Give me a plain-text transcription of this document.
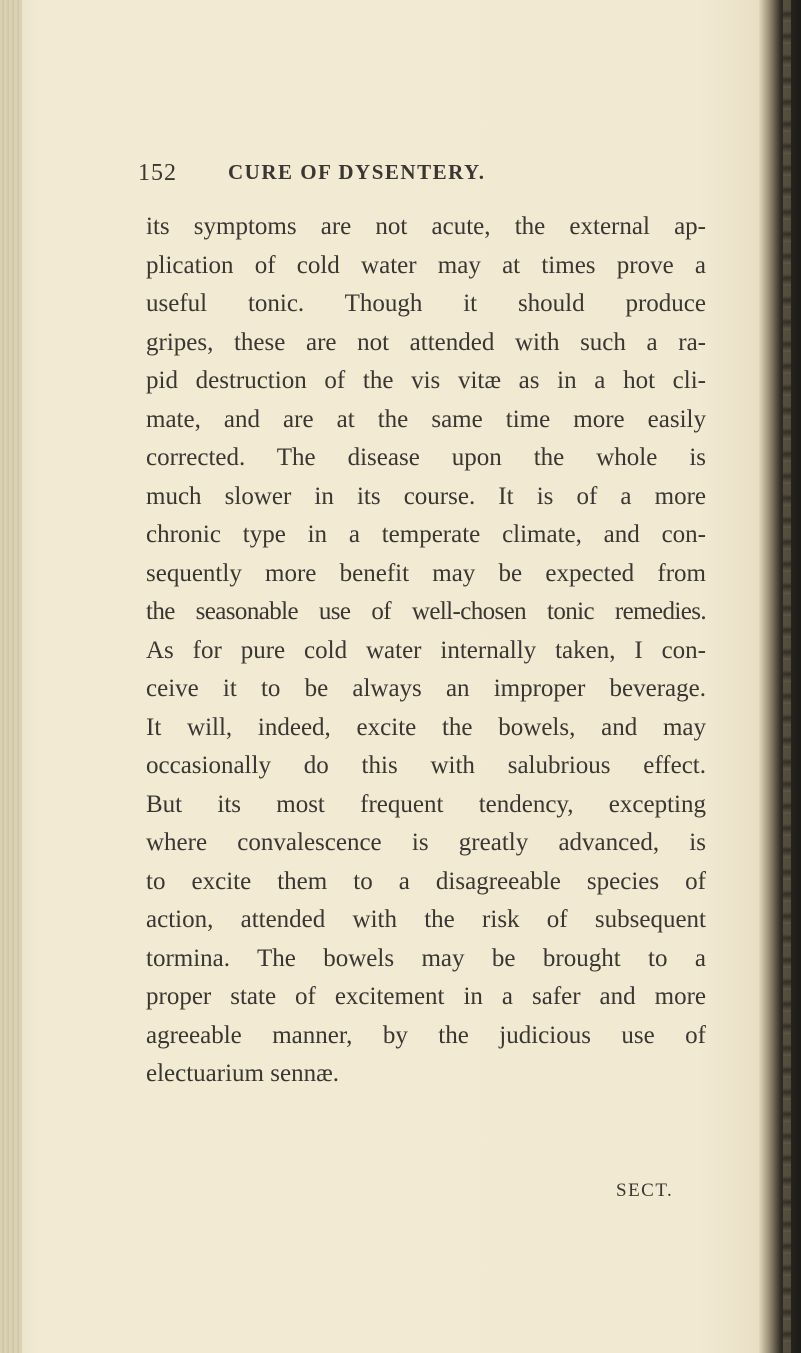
152 CURE OF DYSENTERY.
its symptoms are not acute, the external ap-
plication of cold water may at times prove a
useful tonic. Though it should produce
gripes, these are not attended with such a ra-
pid destruction of the vis vitæ as in a hot cli-
mate, and are at the same time more easily
corrected. The disease upon the whole is
much slower in its course. It is of a more
chronic type in a temperate climate, and con-
sequently more benefit may be expected from
the seasonable use of well-chosen tonic remedies.
As for pure cold water internally taken, I con-
ceive it to be always an improper beverage.
It will, indeed, excite the bowels, and may
occasionally do this with salubrious effect.
But its most frequent tendency, excepting
where convalescence is greatly advanced, is
to excite them to a disagreeable species of
action, attended with the risk of subsequent
tormina. The bowels may be brought to a
proper state of excitement in a safer and more
agreeable manner, by the judicious use of
electuarium sennæ.
SECT.
